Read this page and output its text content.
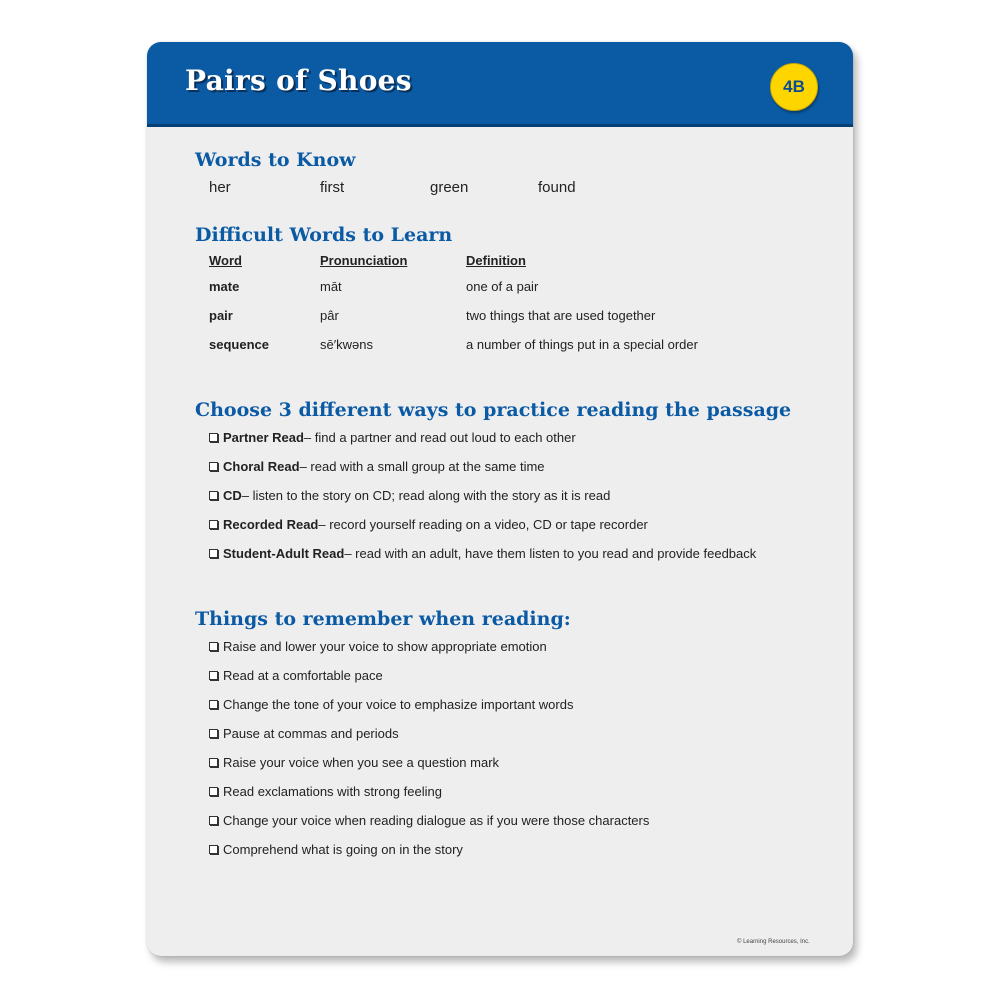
Pairs of Shoes	4B
Words to Know
her	first	green	found
Difficult Words to Learn
Word	Pronunciation	Definition
mate	māt	one of a pair
pair	pâr	two things that are used together
sequence	sē′kwəns	a number of things put in a special order
Choose 3 different ways to practice reading the passage
Partner Read – find a partner and read out loud to each other
Choral Read – read with a small group at the same time
CD – listen to the story on CD; read along with the story as it is read
Recorded Read – record yourself reading on a video, CD or tape recorder
Student-Adult Read – read with an adult, have them listen to you read and provide feedback
Things to remember when reading:
Raise and lower your voice to show appropriate emotion
Read at a comfortable pace
Change the tone of your voice to emphasize important words
Pause at commas and periods
Raise your voice when you see a question mark
Read exclamations with strong feeling
Change your voice when reading dialogue as if you were those characters
Comprehend what is going on in the story
© Learning Resources, Inc.
